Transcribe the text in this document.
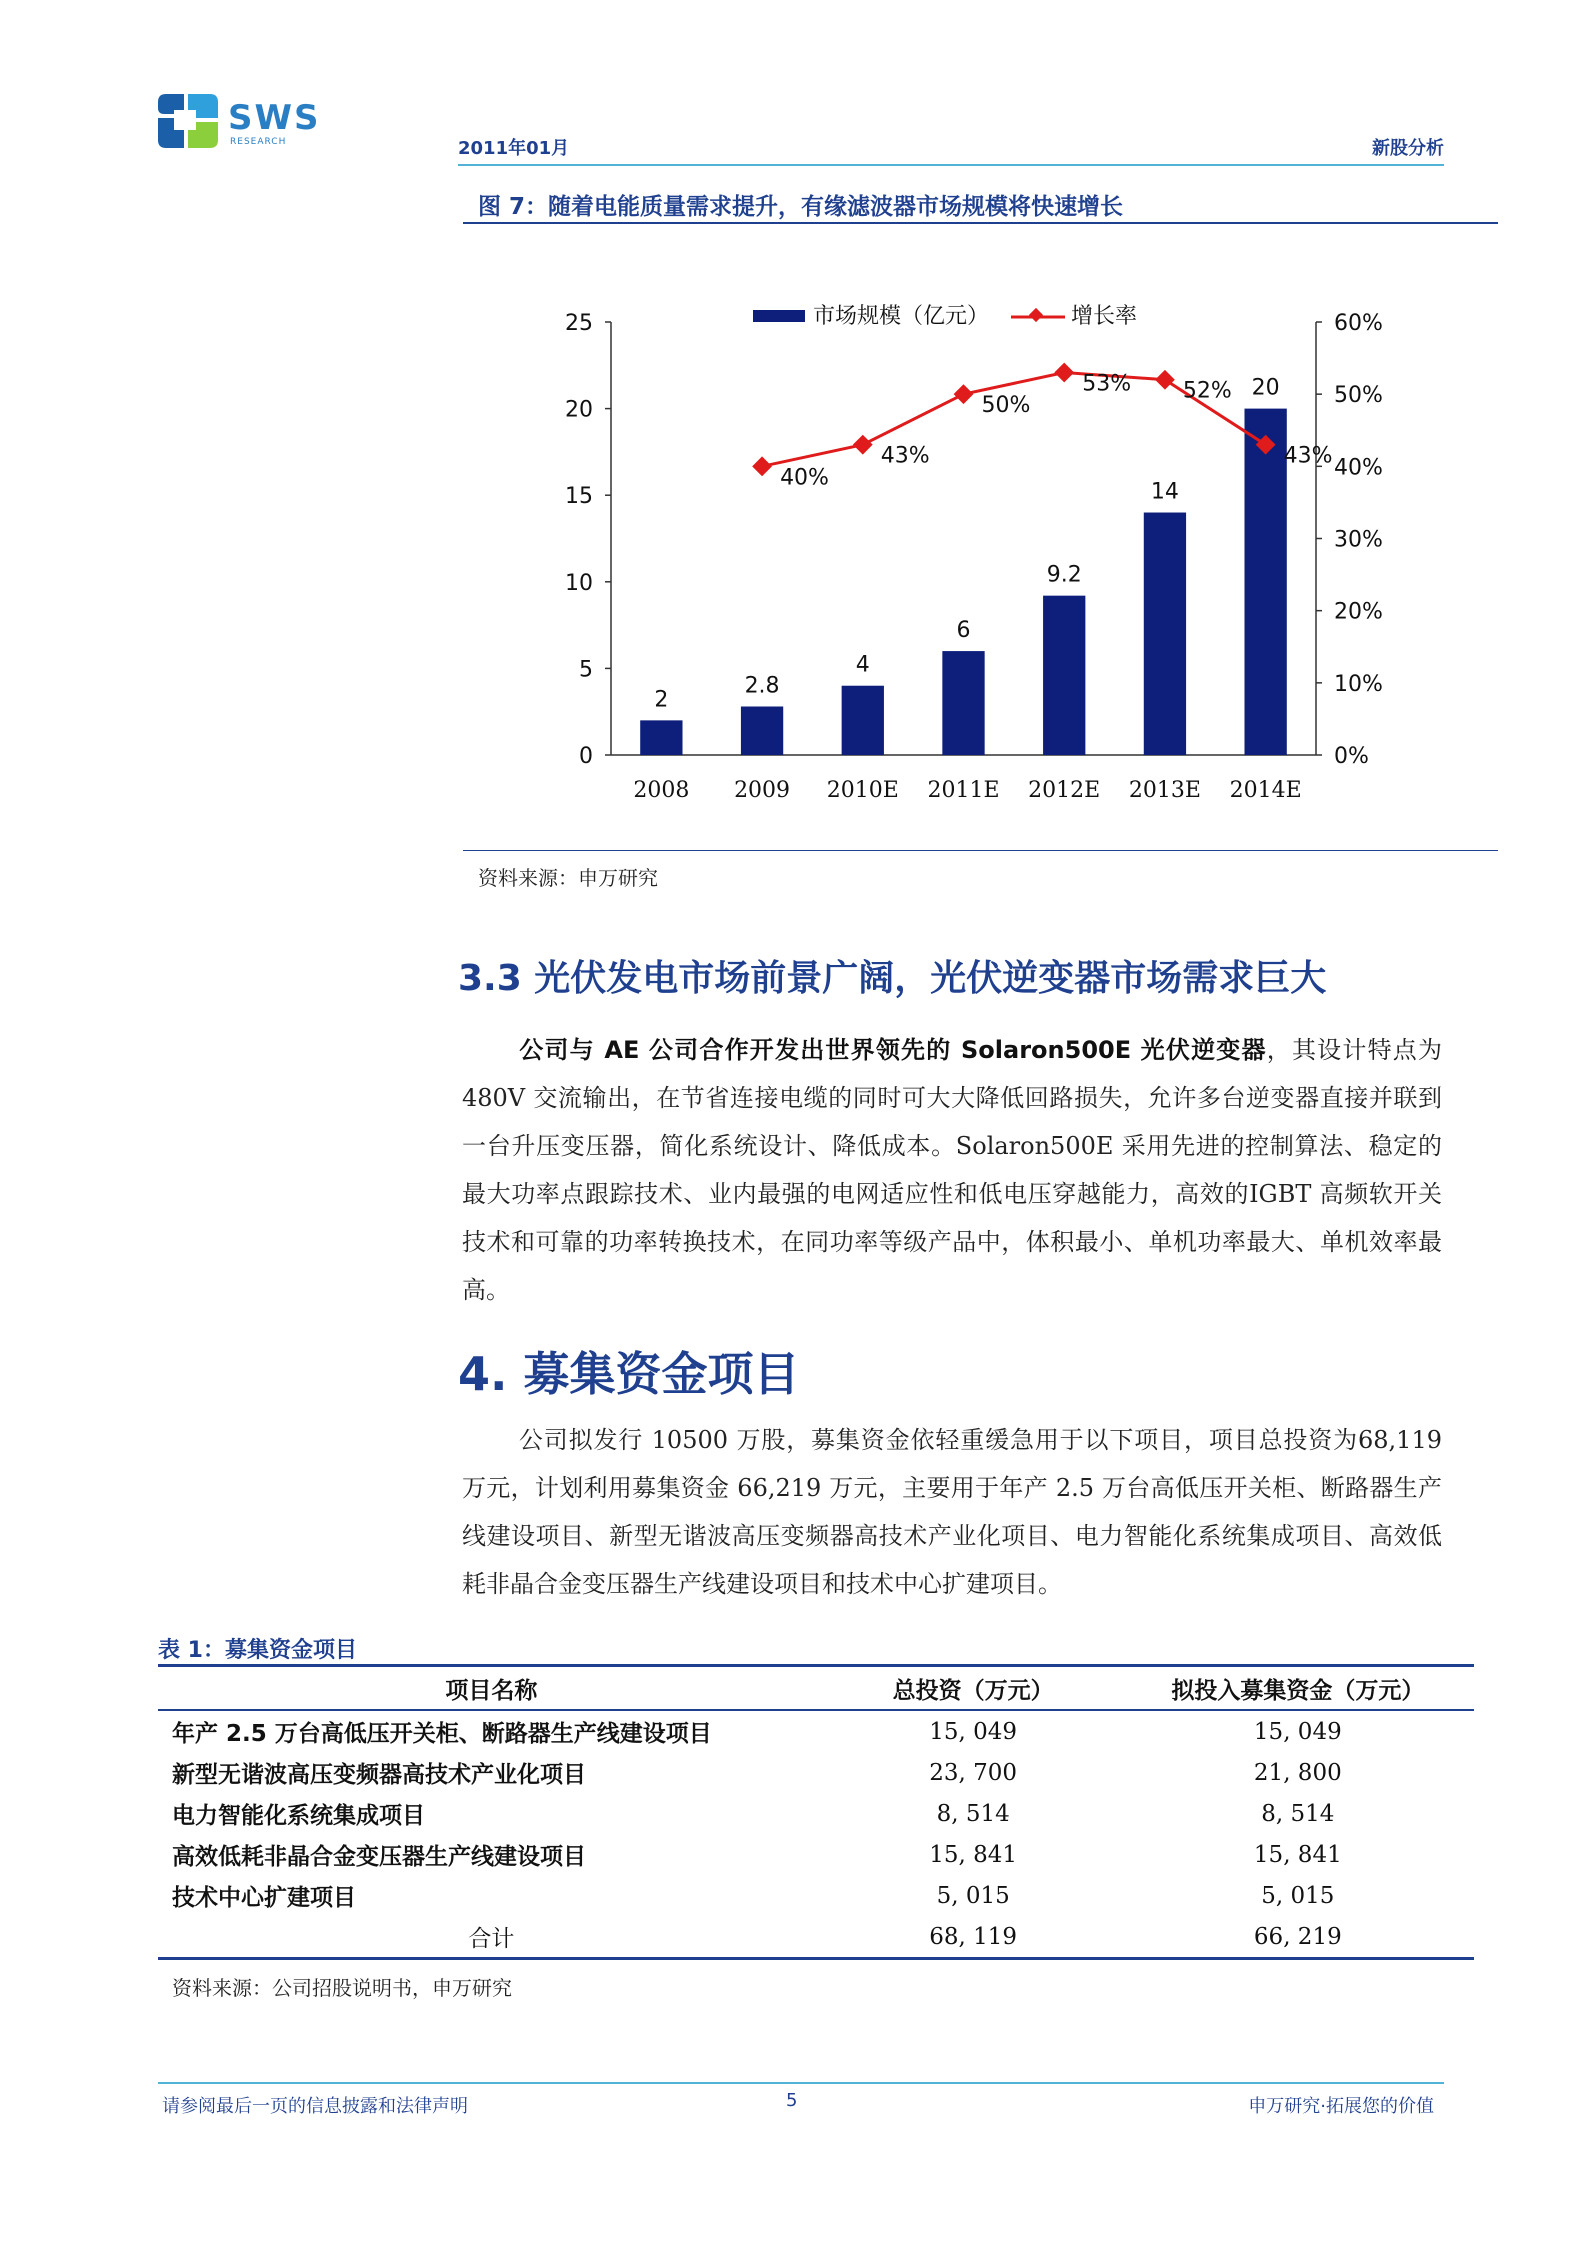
SWS
RESEARCH	2011年01月	新股分析
图 7：随着电能质量需求提升，有缘滤波器市场规模将快速增长
0
5
10
15
20
25
0%
10%
20%
30%
40%
50%
60%
2
2008
2.8
2009
4
2010E
6
2011E
9.2
2012E
14
2013E
20
2014E
40%
43%
50%
53% 52%
43%
市场规模（亿元）	增长率
资料来源：申万研究
3.3 光伏发电市场前景广阔，光伏逆变器市场需求巨大
公司与 AE 公司合作开发出世界领先的 Solaron500E 光伏逆变器，其设计特点为480V 交流输出，在节省连接电缆的同时可大大降低回路损失，允许多台逆变器直接并联到一台升压变压器，简化系统设计、降低成本。Solaron500E 采用先进的控制算法、稳定的最大功率点跟踪技术、业内最强的电网适应性和低电压穿越能力，高效的IGBT 高频软开关技术和可靠的功率转换技术，在同功率等级产品中，体积最小、单机功率最大、单机效率最高。
4. 募集资金项目
公司拟发行 10500 万股，募集资金依轻重缓急用于以下项目，项目总投资为68,119 万元，计划利用募集资金 66,219 万元，主要用于年产 2.5 万台高低压开关柜、断路器生产线建设项目、新型无谐波高压变频器高技术产业化项目、电力智能化系统集成项目、高效低耗非晶合金变压器生产线建设项目和技术中心扩建项目。
表 1：募集资金项目
项目名称	总投资（万元）	拟投入募集资金（万元）
年产 2.5 万台高低压开关柜、断路器生产线建设项目	15, 049	15, 049
新型无谐波高压变频器高技术产业化项目	23, 700	21, 800
电力智能化系统集成项目	8, 514	8, 514
高效低耗非晶合金变压器生产线建设项目	15, 841	15, 841
技术中心扩建项目	5, 015	5, 015
合计	68, 119	66, 219
资料来源：公司招股说明书，申万研究
请参阅最后一页的信息披露和法律声明	5	申万研究·拓展您的价值
